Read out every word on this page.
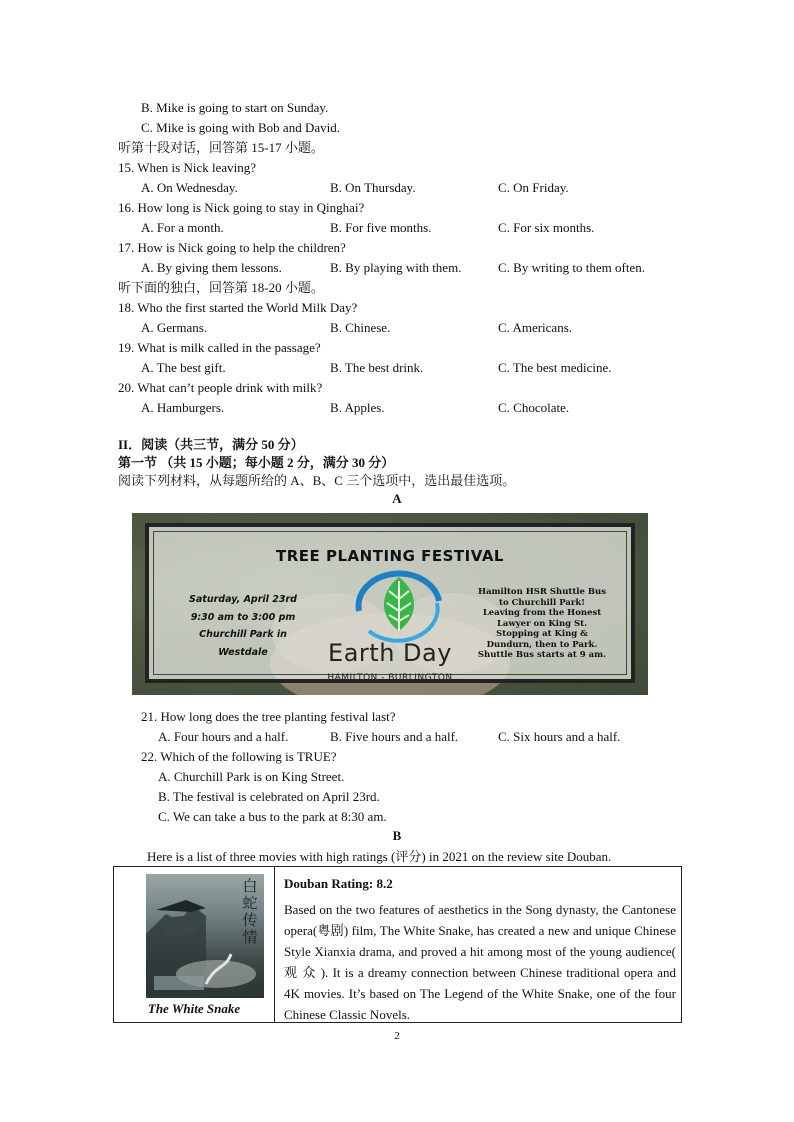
B. Mike is going to start on Sunday.
C. Mike is going with Bob and David.
听第十段对话，回答第 15-17 小题。
15. When is Nick leaving?
A. On Wednesday.	B. On Thursday.	C. On Friday.
16. How long is Nick going to stay in Qinghai?
A. For a month.	B. For five months.	C. For six months.
17. How is Nick going to help the children?
A. By giving them lessons.	B. By playing with them.	C. By writing to them often.
听下面的独白，回答第 18-20 小题。
18. Who the first started the World Milk Day?
A. Germans.	B. Chinese.	C. Americans.
19. What is milk called in the passage?
A. The best gift.	B. The best drink.	C. The best medicine.
20. What can’t people drink with milk?
A. Hamburgers.	B. Apples.	C. Chocolate.
II．阅读（共三节，满分 50 分）
第一节 （共 15 小题；每小题 2 分，满分 30 分）
阅读下列材料，从每题所给的 A、B、C 三个选项中，选出最佳选项。
A
TREE PLANTING FESTIVAL
Saturday, April 23rd
9:30 am to 3:00 pm
Churchill Park in
Westdale
Hamilton HSR Shuttle Bus
to Churchill Park!
Leaving from the Honest
Lawyer on King St.
Stopping at King &
Dundurn, then to Park.
Shuttle Bus starts at 9 am.
Earth Day
HAMILTON - BURLINGTON
21. How long does the tree planting festival last?
A. Four hours and a half.	B. Five hours and a half.	C. Six hours and a half.
22. Which of the following is TRUE?
A. Churchill Park is on King Street.
B. The festival is celebrated on April 23rd.
C. We can take a bus to the park at 8:30 am.
B
Here is a list of three movies with high ratings (评分) in 2021 on the review site Douban.
白蛇传情
The White Snake
Douban Rating: 8.2
Based on the two features of aesthetics in the Song dynasty, the Cantonese opera(粤剧) film, The White Snake, has created a new and unique Chinese Style Xianxia drama, and proved a hit among most of the young audience( 观 众 ). It is a dreamy connection between Chinese traditional opera and 4K movies. It’s based on The Legend of the White Snake, one of the four Chinese Classic Novels.
2
